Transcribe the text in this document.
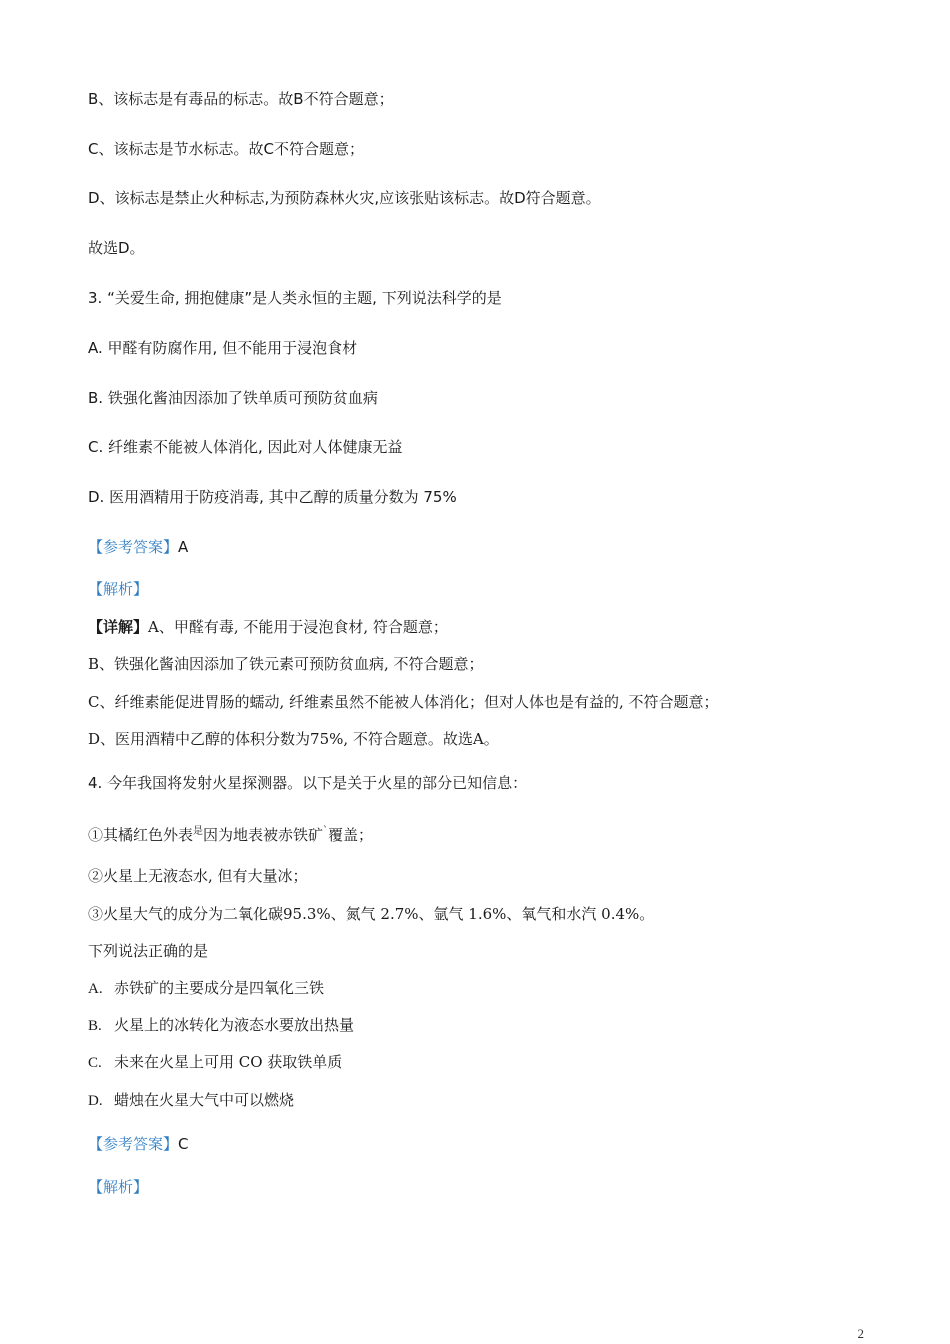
B、该标志是有毒品的标志。故B不符合题意；

C、该标志是节水标志。故C不符合题意；

D、该标志是禁止火种标志,为预防森林火灾,应该张贴该标志。故D符合题意。

故选D。

3. “关爱生命, 拥抱健康”是人类永恒的主题, 下列说法科学的是

A. 甲醛有防腐作用, 但不能用于浸泡食材

B. 铁强化酱油因添加了铁单质可预防贫血病

C. 纤维素不能被人体消化, 因此对人体健康无益

D. 医用酒精用于防疫消毒, 其中乙醇的质量分数为 75%

【参考答案】A

【解析】

【详解】A、甲醛有毒, 不能用于浸泡食材, 符合题意；

B、铁强化酱油因添加了铁元素可预防贫血病, 不符合题意；

C、纤维素能促进胃肠的蠕动, 纤维素虽然不能被人体消化；但对人体也是有益的, 不符合题意；

D、医用酒精中乙醇的体积分数为75%, 不符合题意。故选A。

4. 今年我国将发射火星探测器。以下是关于火星的部分已知信息：

①其橘红色外表$^是$因为地表被赤铁矿`覆盖；

②火星上无液态水, 但有大量冰；

③火星大气的成分为二氧化碳95.3%、氮气 2.7%、氩气 1.6%、氧气和水汽 0.4%。

下列说法正确的是

A. 赤铁矿的主要成分是四氧化三铁

B. 火星上的冰转化为液态水要放出热量

C. 未来在火星上可用 CO 获取铁单质

D. 蜡烛在火星大气中可以燃烧

【参考答案】C

【解析】

2
